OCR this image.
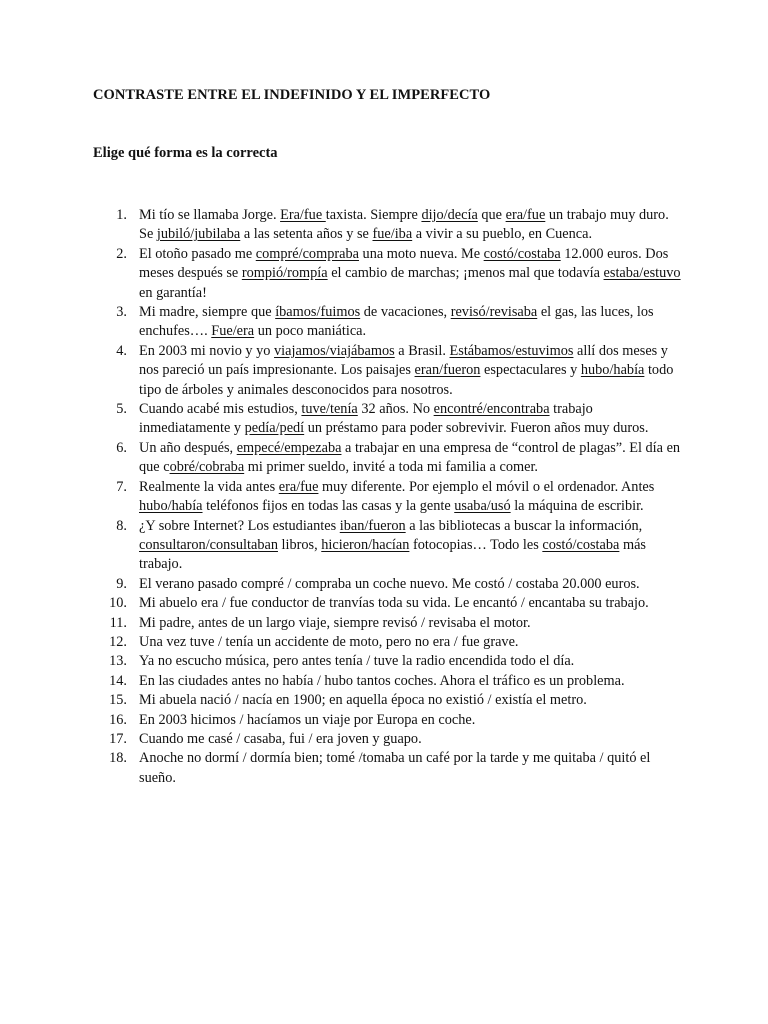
CONTRASTE ENTRE EL INDEFINIDO Y EL IMPERFECTO
Elige qué forma es la correcta
1. Mi tío se llamaba Jorge. Era/fue taxista. Siempre dijo/decía que era/fue un trabajo muy duro. Se jubiló/jubilaba a las setenta años y se fue/iba a vivir a su pueblo, en Cuenca.
2. El otoño pasado me compré/compraba una moto nueva. Me costó/costaba 12.000 euros. Dos meses después se rompió/rompía el cambio de marchas; ¡menos mal que todavía estaba/estuvo en garantía!
3. Mi madre, siempre que íbamos/fuimos de vacaciones, revisó/revisaba el gas, las luces, los enchufes…. Fue/era un poco maniática.
4. En 2003 mi novio y yo viajamos/viajábamos a Brasil. Estábamos/estuvimos allí dos meses y nos pareció un país impresionante. Los paisajes eran/fueron espectaculares y hubo/había todo tipo de árboles y animales desconocidos para nosotros.
5. Cuando acabé mis estudios, tuve/tenía 32 años. No encontré/encontraba trabajo inmediatamente y pedía/pedí un préstamo para poder sobrevivir. Fueron años muy duros.
6. Un año después, empecé/empezaba a trabajar en una empresa de “control de plagas”. El día en que cobré/cobraba mi primer sueldo, invité a toda mi familia a comer.
7. Realmente la vida antes era/fue muy diferente. Por ejemplo el móvil o el ordenador. Antes hubo/había teléfonos fijos en todas las casas y la gente usaba/usó la máquina de escribir.
8. ¿Y sobre Internet? Los estudiantes iban/fueron a las bibliotecas a buscar la información, consultaron/consultaban libros, hicieron/hacían fotocopias… Todo les costó/costaba más trabajo.
9. El verano pasado compré / compraba un coche nuevo. Me costó / costaba 20.000 euros.
10. Mi abuelo era / fue conductor de tranvías toda su vida. Le encantó / encantaba su trabajo.
11. Mi padre, antes de un largo viaje, siempre revisó / revisaba el motor.
12. Una vez tuve / tenía un accidente de moto, pero no era / fue grave.
13. Ya no escucho música, pero antes tenía / tuve la radio encendida todo el día.
14. En las ciudades antes no había / hubo tantos coches. Ahora el tráfico es un problema.
15. Mi abuela nació / nacía en 1900; en aquella época no existió / existía el metro.
16. En 2003 hicimos / hacíamos un viaje por Europa en coche.
17. Cuando me casé / casaba, fui / era joven y guapo.
18. Anoche no dormí / dormía bien; tomé /tomaba un café por la tarde y me quitaba / quitó el sueño.
